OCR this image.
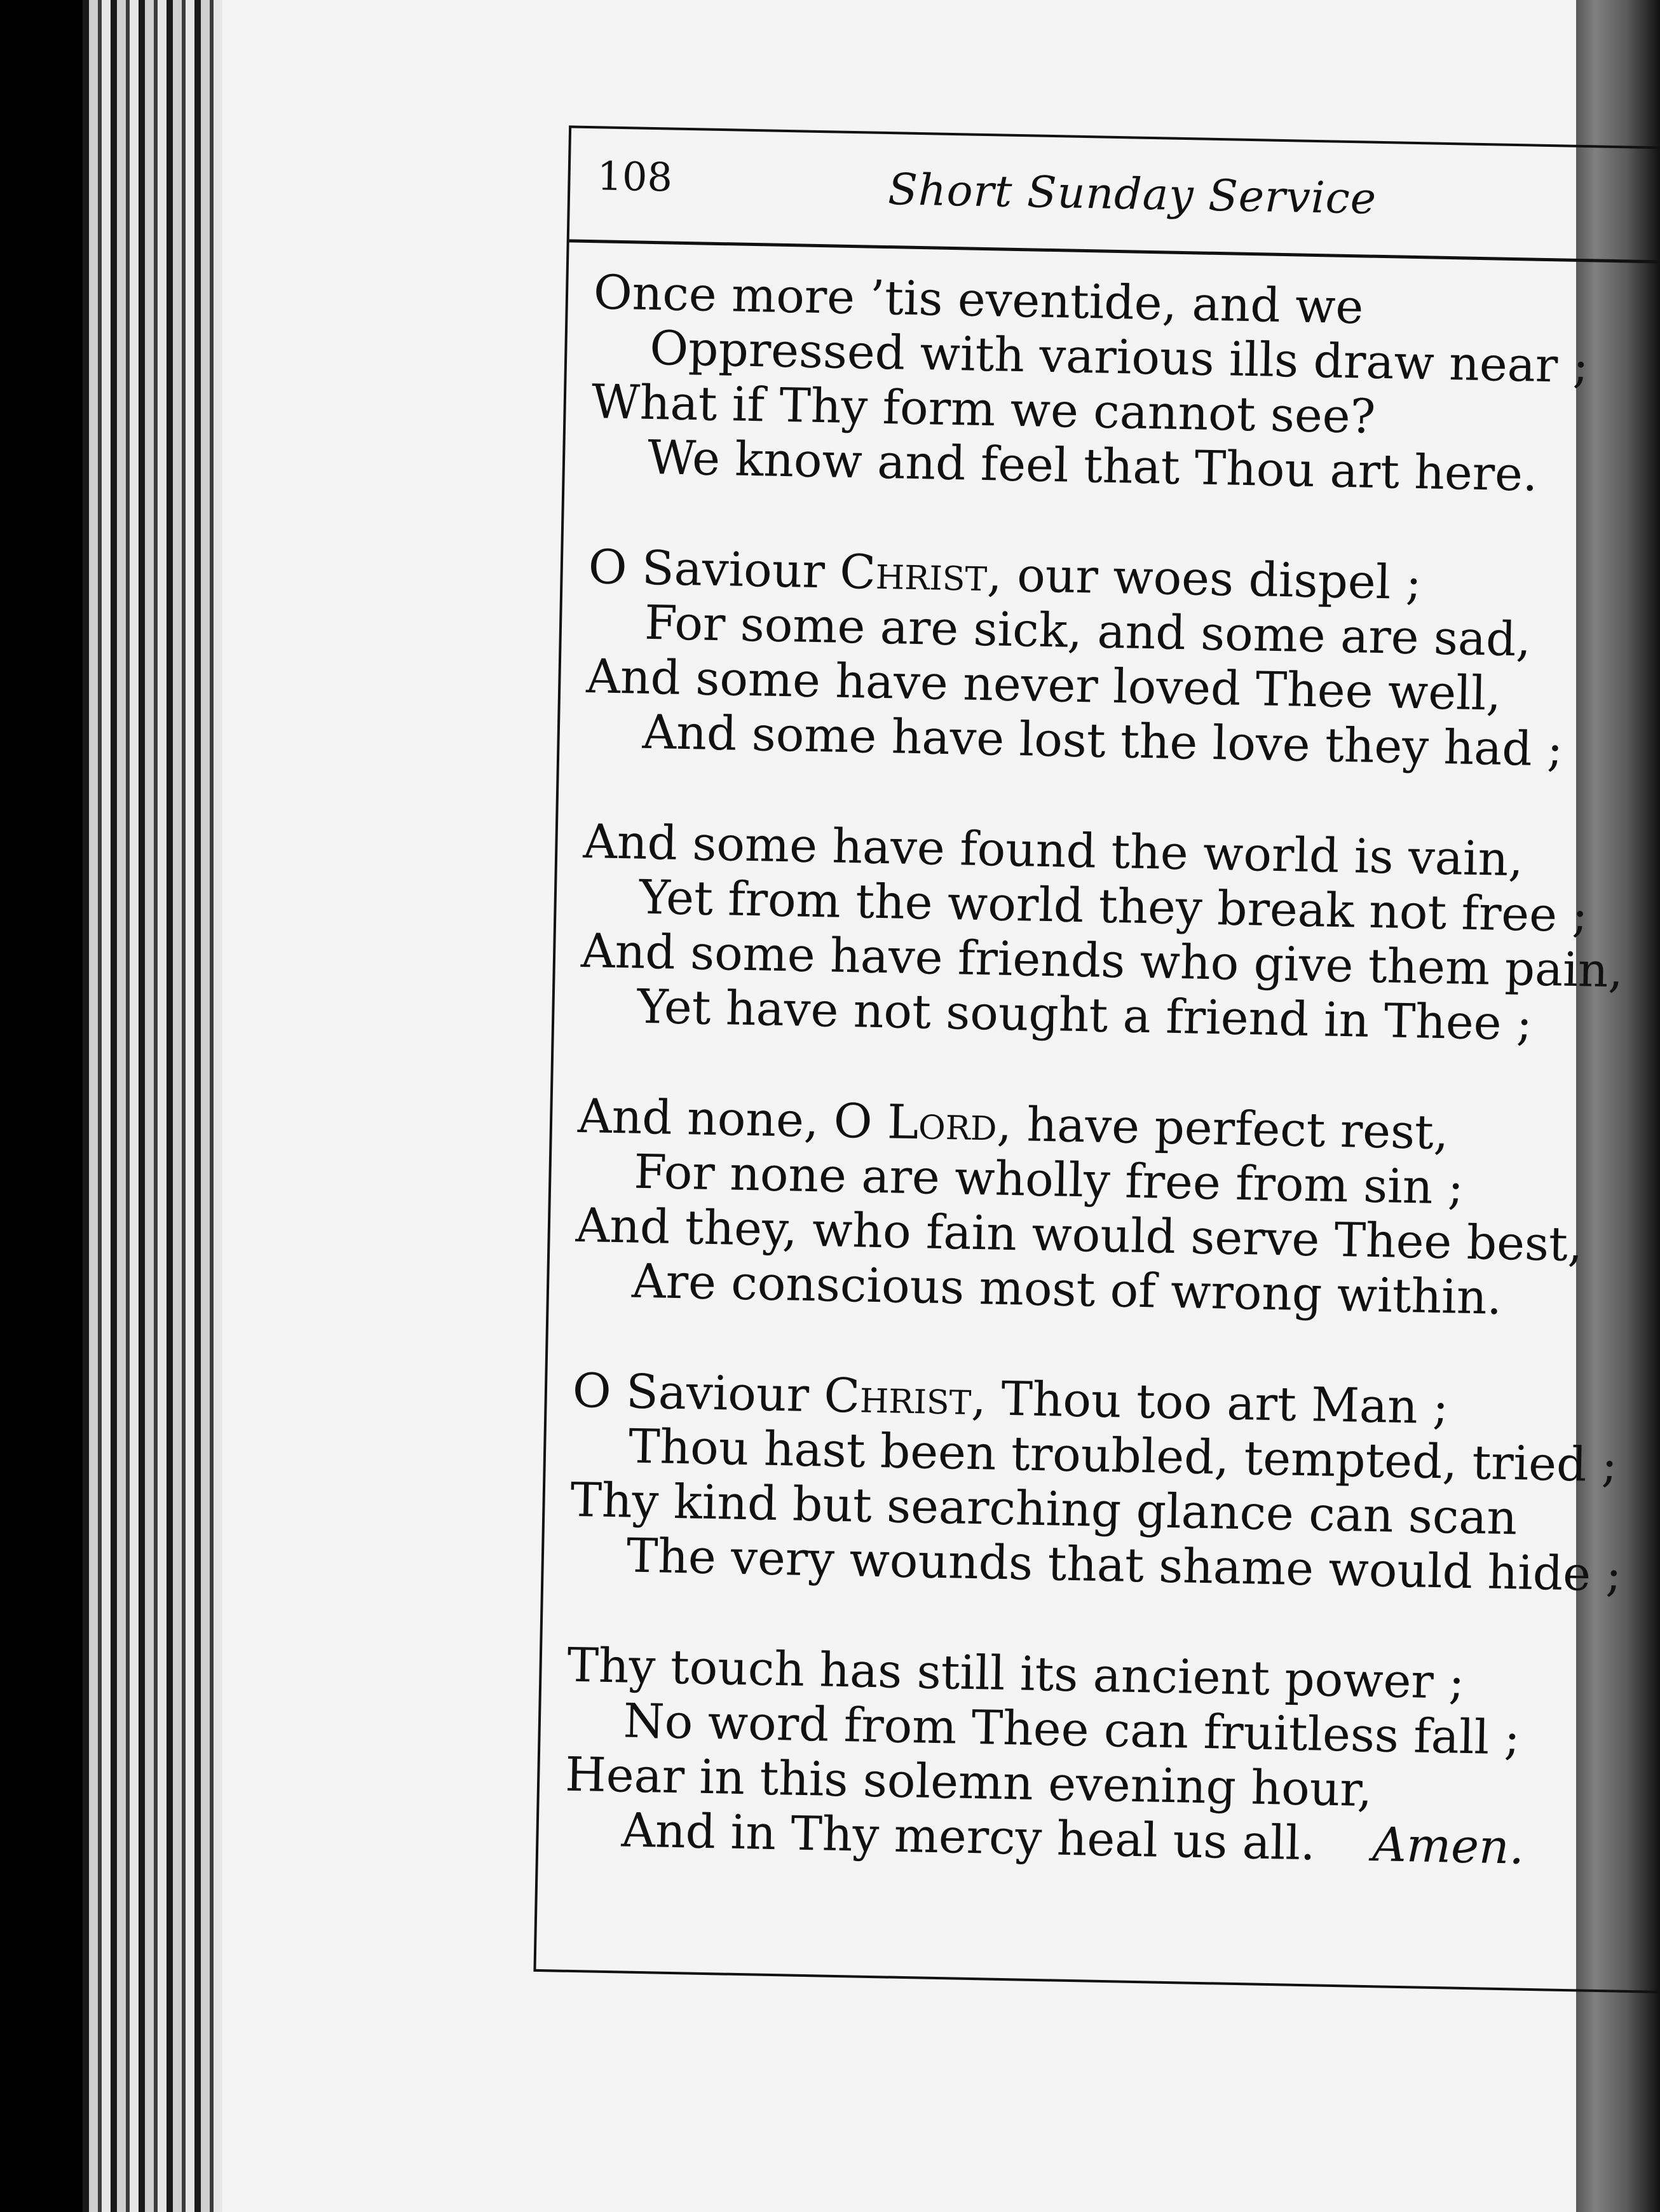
108	Short Sunday Service
Once more ’tis eventide, and we
Oppressed with various ills draw near ;
What if Thy form we cannot see?
We know and feel that Thou art here.
O Saviour Christ, our woes dispel ;
For some are sick, and some are sad,
And some have never loved Thee well,
And some have lost the love they had ;
And some have found the world is vain,
Yet from the world they break not free ;
And some have friends who give them pain,
Yet have not sought a friend in Thee ;
And none, O Lord, have perfect rest,
For none are wholly free from sin ;
And they, who fain would serve Thee best,
Are conscious most of wrong within.
O Saviour Christ, Thou too art Man ;
Thou hast been troubled, tempted, tried ;
Thy kind but searching glance can scan
The very wounds that shame would hide ;
Thy touch has still its ancient power ;
No word from Thee can fruitless fall ;
Hear in this solemn evening hour,
And in Thy mercy heal us all. Amen.
